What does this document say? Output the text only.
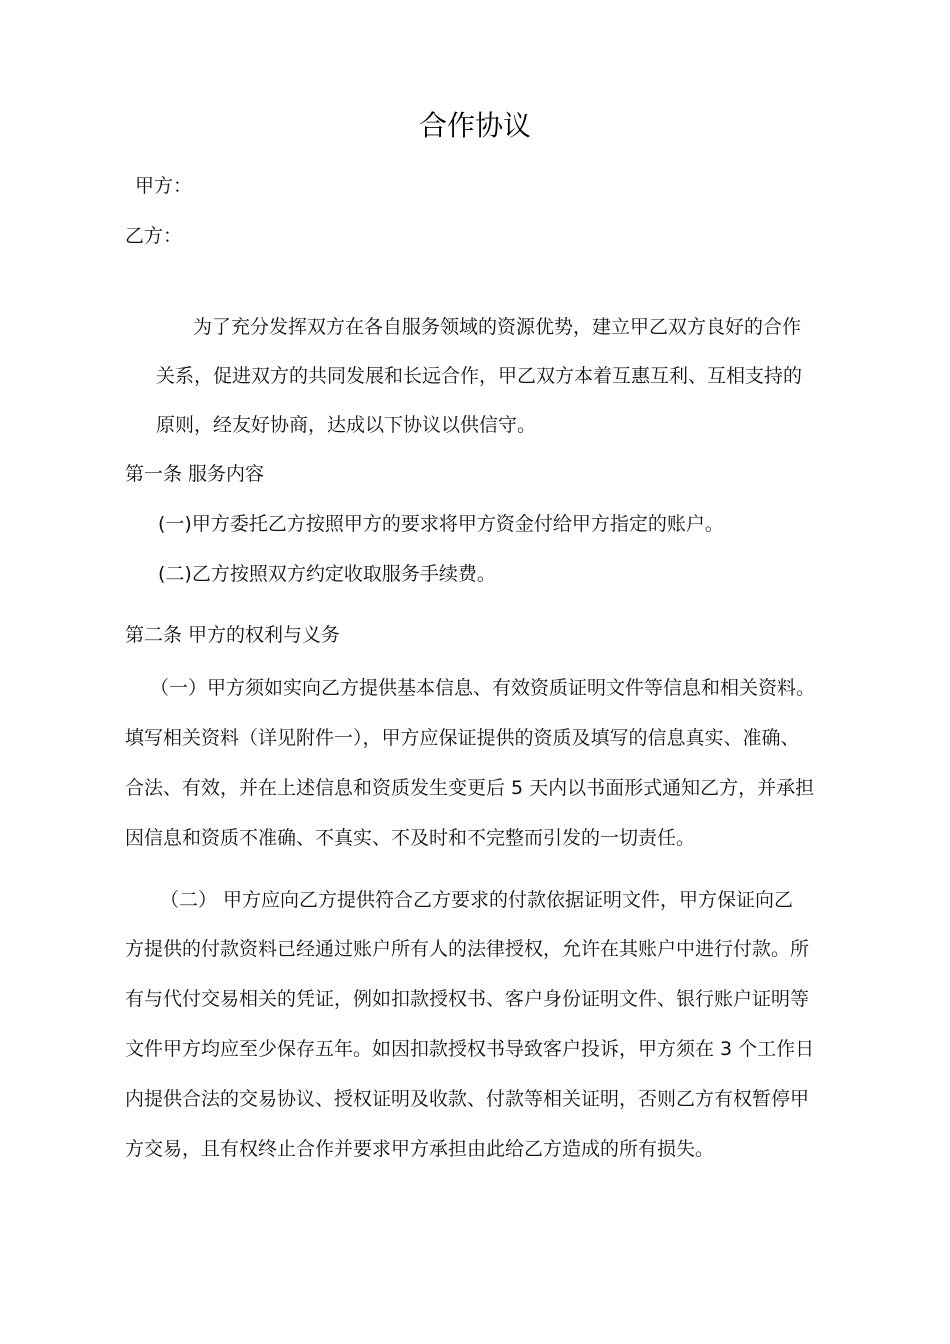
合作协议
甲方：
乙方：
为了充分发挥双方在各自服务领域的资源优势，建立甲乙双方良好的合作
关系，促进双方的共同发展和长远合作，甲乙双方本着互惠互利、互相支持的
原则，经友好协商，达成以下协议以供信守。
第一条 服务内容
(一)甲方委托乙方按照甲方的要求将甲方资金付给甲方指定的账户。
(二)乙方按照双方约定收取服务手续费。
第二条 甲方的权利与义务
（一）甲方须如实向乙方提供基本信息、有效资质证明文件等信息和相关资料。
填写相关资料（详见附件一），甲方应保证提供的资质及填写的信息真实、准确、
合法、有效，并在上述信息和资质发生变更后 5 天内以书面形式通知乙方，并承担
因信息和资质不准确、不真实、不及时和不完整而引发的一切责任。
（二） 甲方应向乙方提供符合乙方要求的付款依据证明文件，甲方保证向乙
方提供的付款资料已经通过账户所有人的法律授权，允许在其账户中进行付款。所
有与代付交易相关的凭证，例如扣款授权书、客户身份证明文件、银行账户证明等
文件甲方均应至少保存五年。如因扣款授权书导致客户投诉，甲方须在 3 个工作日
内提供合法的交易协议、授权证明及收款、付款等相关证明，否则乙方有权暂停甲
方交易，且有权终止合作并要求甲方承担由此给乙方造成的所有损失。
